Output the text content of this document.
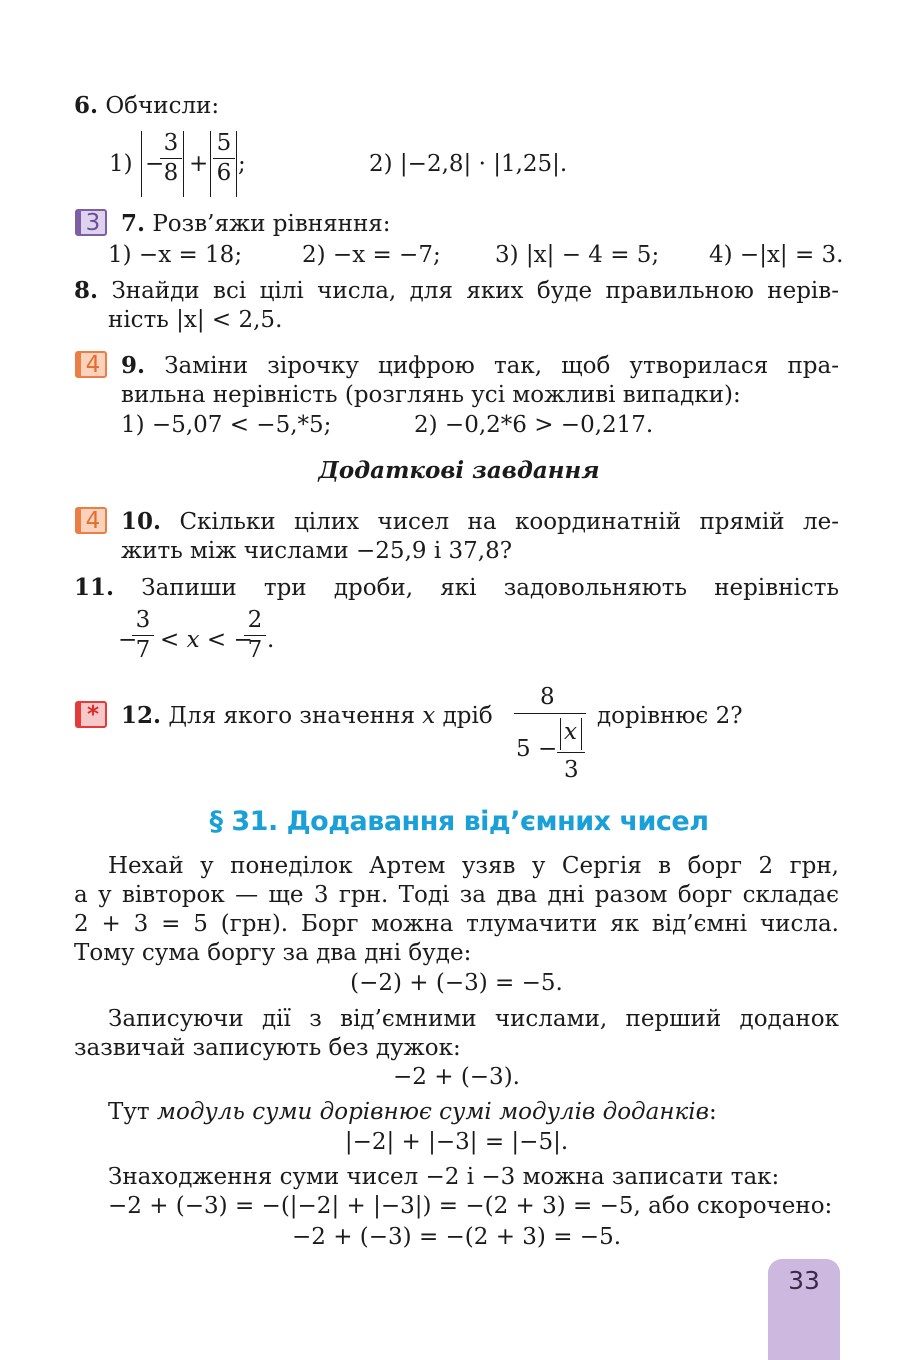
6. Обчисли:
1) −
$\frac{3}{8} + \frac{5}{6}$ ;	2) |−2,8| · |1,25|.
3 7. Розв’яжи рівняння:
1) −x = 18;	2) −x = −7; 3) |x| − 4 = 5; 4) −|x| = 3.
8. Знайди всі цілі числа, для яких буде правильною нерів-
ність |x| < 2,5.
4 9. Заміни зірочку цифрою так, щоб утворилася пра-
вильна нерівність (розглянь усі можливі випадки):
1) −5,07 < −5,*5;	2) −0,2*6 > −0,217.
Додаткові завдання
4 10. Скільки цілих чисел на координатній прямій ле-
жить між числами −25,9 і 37,8?
11. Запиши три дроби, які задовольняють нерівність
−
$\frac{3}{7} < x$ < −
$\frac{2}{7}$ .
* 12. Для якого значення x дріб
8
5 −
x
3
дорівнює 2?
§ 31. Додавання від’ємних чисел
Нехай у понеділок Артем узяв у Сергія в борг 2 грн,
а у вівторок — ще 3 грн. Тоді за два дні разом борг складає
2 + 3 = 5 (грн). Борг можна тлумачити як від’ємні числа.
Тому сума боргу за два дні буде:
(−2) + (−3) = −5.
Записуючи дії з від’ємними числами, перший доданок
зазвичай записують без дужок:
−2 + (−3).
Тут модуль суми дорівнює сумі модулів доданків:
|−2| + |−3| = |−5|.
Знаходження суми чисел −2 і −3 можна записати так:
−2 + (−3) = −(|−2| + |−3|) = −(2 + 3) = −5, або скорочено:
−2 + (−3) = −(2 + 3) = −5.
33
